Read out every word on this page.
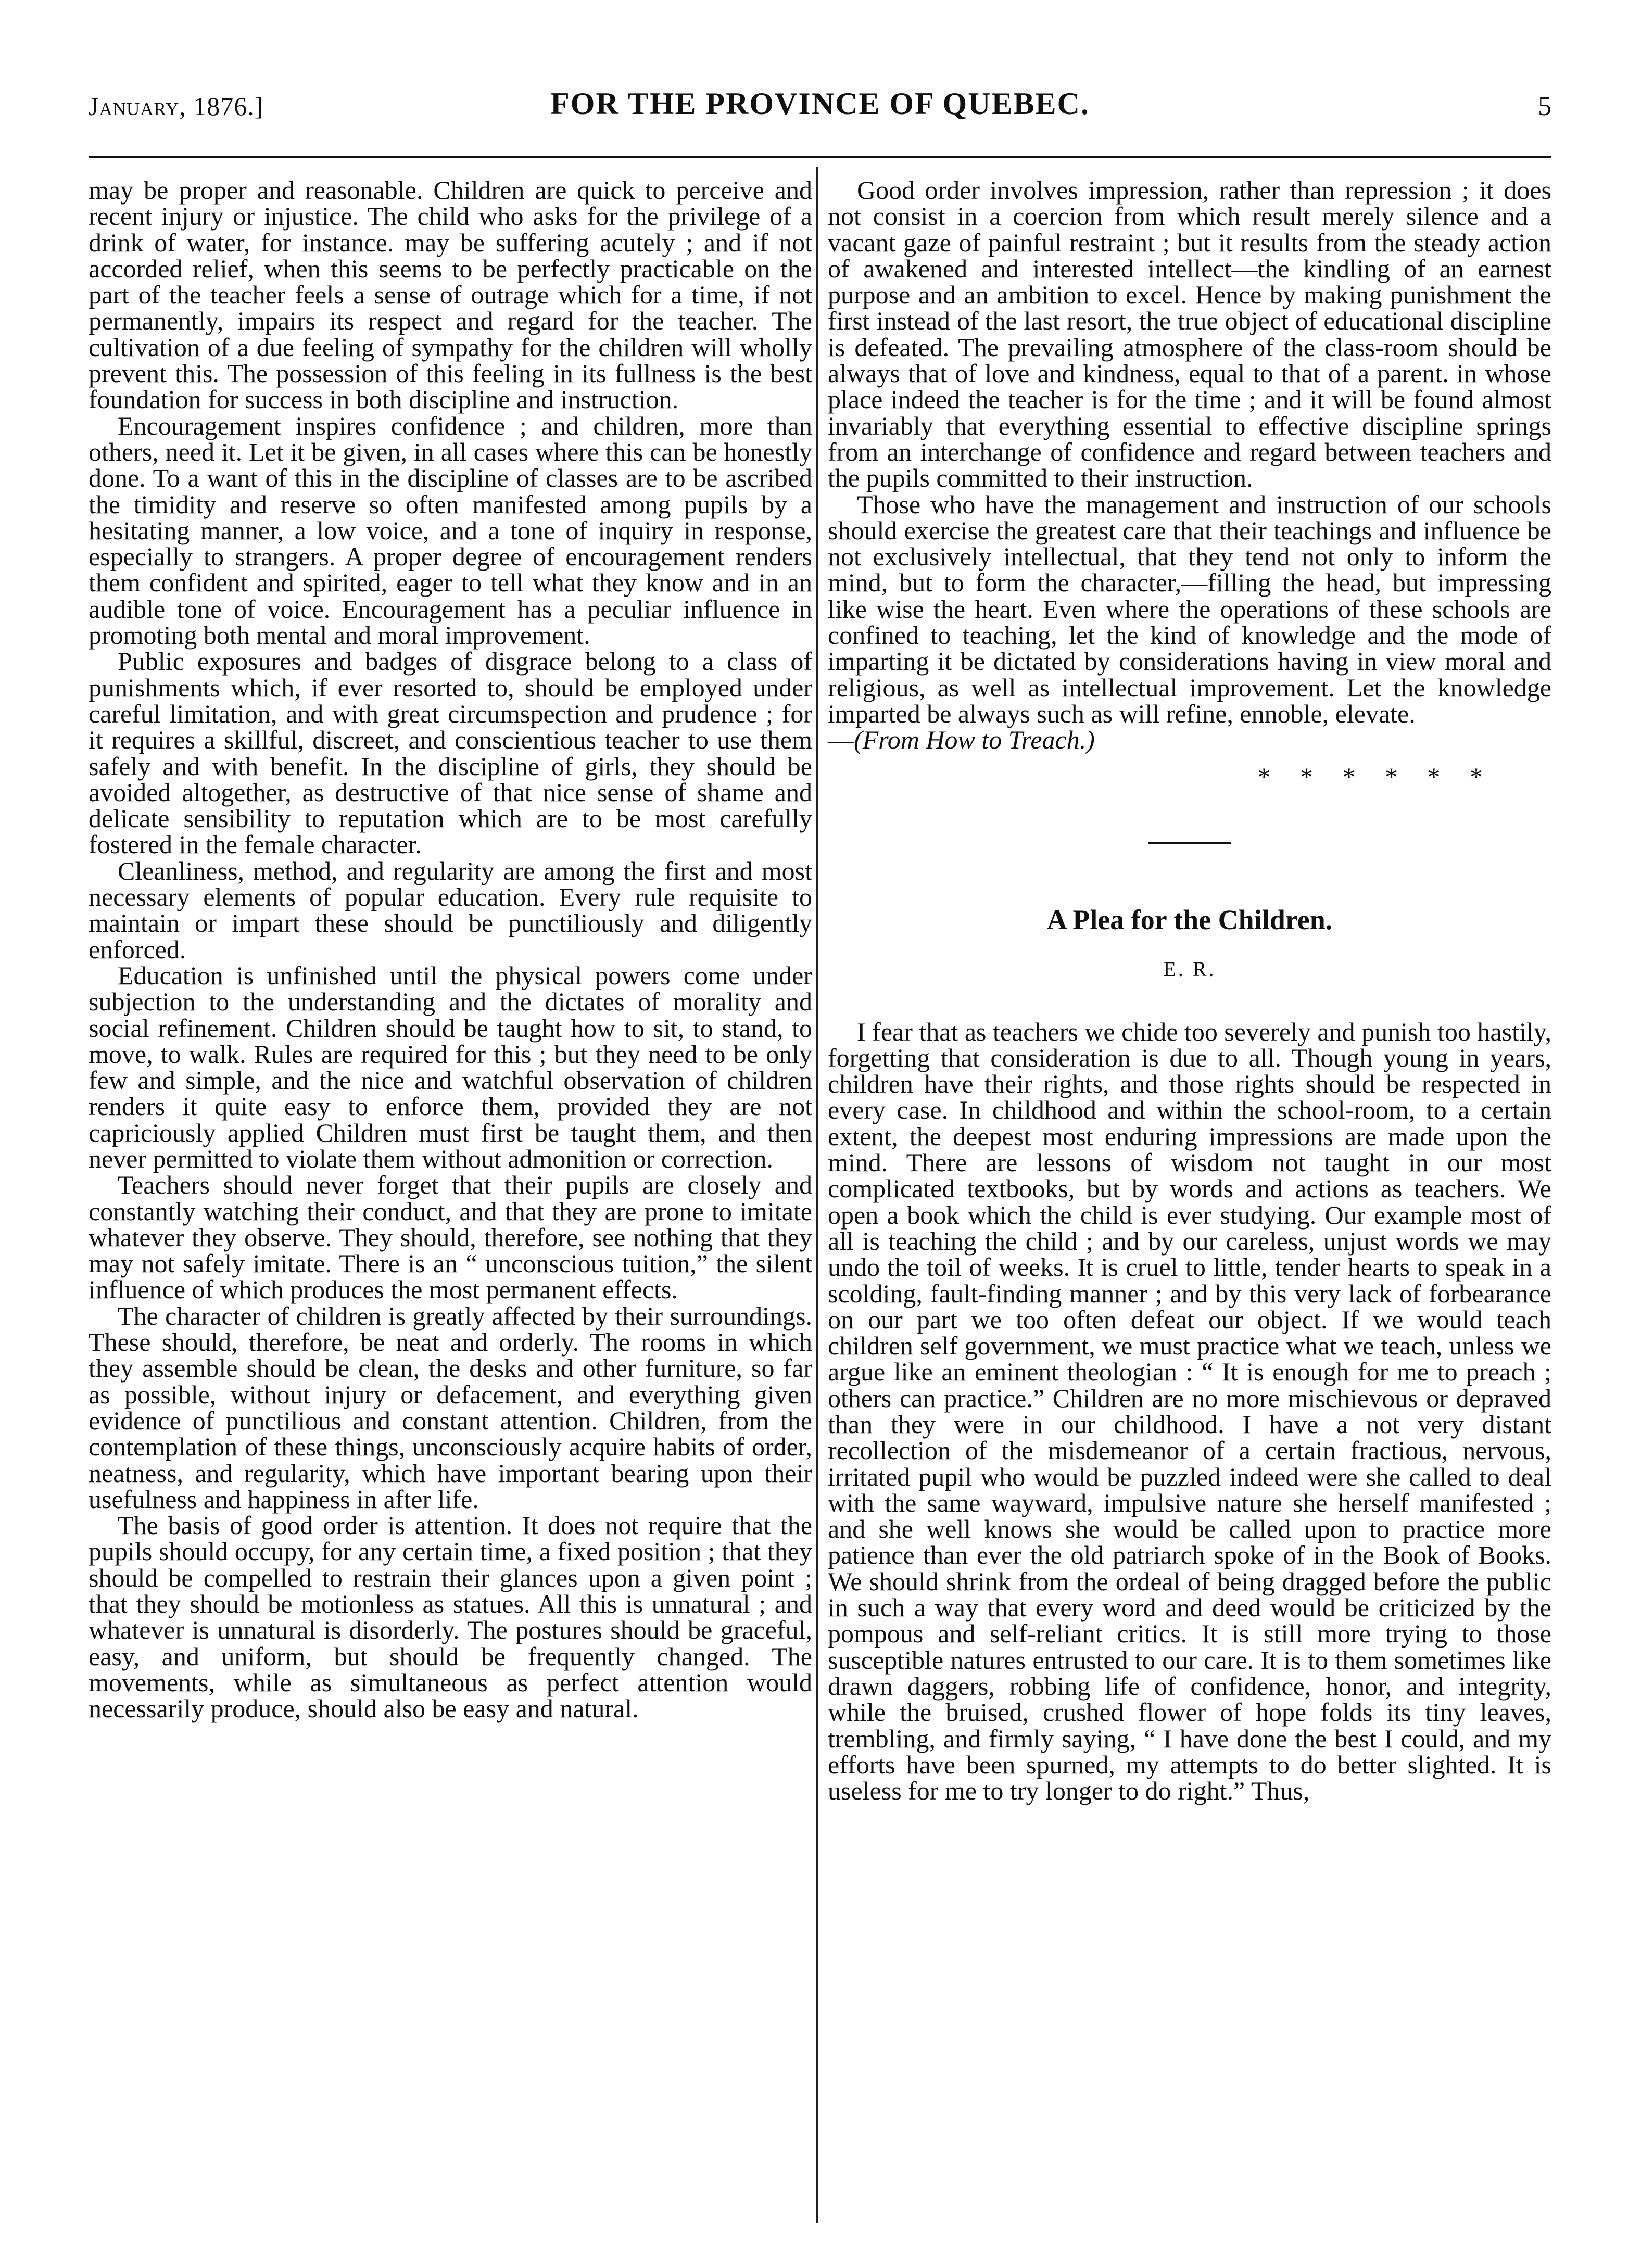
January, 1876.]	FOR THE PROVINCE OF QUEBEC.	5

may be proper and reasonable. Children are quick to perceive and recent injury or injustice. The child who asks for the privilege of a drink of water, for instance. may be suffering acutely ; and if not accorded relief, when this seems to be perfectly practicable on the part of the teacher feels a sense of outrage which for a time, if not permanently, impairs its respect and regard for the teacher. The cultivation of a due feeling of sympathy for the children will wholly prevent this. The possession of this feeling in its fullness is the best foundation for success in both discipline and instruction.

Encouragement inspires confidence ; and children, more than others, need it. Let it be given, in all cases where this can be honestly done. To a want of this in the discipline of classes are to be ascribed the timidity and reserve so often manifested among pupils by a hesitating manner, a low voice, and a tone of inquiry in response, especially to strangers. A proper degree of encouragement renders them confident and spirited, eager to tell what they know and in an audible tone of voice. Encouragement has a peculiar influence in promoting both mental and moral improvement.

Public exposures and badges of disgrace belong to a class of punishments which, if ever resorted to, should be employed under careful limitation, and with great circumspection and prudence ; for it requires a skillful, discreet, and conscientious teacher to use them safely and with benefit. In the discipline of girls, they should be avoided altogether, as destructive of that nice sense of shame and delicate sensibility to reputation which are to be most carefully fostered in the female character.

Cleanliness, method, and regularity are among the first and most necessary elements of popular education. Every rule requisite to maintain or impart these should be punctiliously and diligently enforced.

Education is unfinished until the physical powers come under subjection to the understanding and the dictates of morality and social refinement. Children should be taught how to sit, to stand, to move, to walk. Rules are required for this ; but they need to be only few and simple, and the nice and watchful observation of children renders it quite easy to enforce them, provided they are not capriciously applied Children must first be taught them, and then never permitted to violate them without admonition or correction.

Teachers should never forget that their pupils are closely and constantly watching their conduct, and that they are prone to imitate whatever they observe. They should, therefore, see nothing that they may not safely imitate. There is an “ unconscious tuition,” the silent influence of which produces the most permanent effects.

The character of children is greatly affected by their surroundings. These should, therefore, be neat and orderly. The rooms in which they assemble should be clean, the desks and other furniture, so far as possible, without injury or defacement, and everything given evidence of punctilious and constant attention. Children, from the contemplation of these things, unconsciously acquire habits of order, neatness, and regularity, which have important bearing upon their usefulness and happiness in after life.

The basis of good order is attention. It does not require that the pupils should occupy, for any certain time, a fixed position ; that they should be compelled to restrain their glances upon a given point ; that they should be motionless as statues. All this is unnatural ; and whatever is unnatural is disorderly. The postures should be graceful, easy, and uniform, but should be frequently changed. The movements, while as simultaneous as perfect attention would necessarily produce, should also be easy and natural.

Good order involves impression, rather than repression ; it does not consist in a coercion from which result merely silence and a vacant gaze of painful restraint ; but it results from the steady action of awakened and interested intellect—the kindling of an earnest purpose and an ambition to excel. Hence by making punishment the first instead of the last resort, the true object of educational discipline is defeated. The prevailing atmosphere of the class-room should be always that of love and kindness, equal to that of a parent. in whose place indeed the teacher is for the time ; and it will be found almost invariably that everything essential to effective discipline springs from an interchange of confidence and regard between teachers and the pupils committed to their instruction.

Those who have the management and instruction of our schools should exercise the greatest care that their teachings and influence be not exclusively intellectual, that they tend not only to inform the mind, but to form the character,—filling the head, but impressing like wise the heart. Even where the operations of these schools are confined to teaching, let the kind of knowledge and the mode of imparting it be dictated by considerations having in view moral and religious, as well as intellectual improvement. Let the knowledge imparted be always such as will refine, ennoble, elevate.

—(From How to Treach.)

* * * * * *
A Plea for the Children.
E. R.

I fear that as teachers we chide too severely and punish too hastily, forgetting that consideration is due to all. Though young in years, children have their rights, and those rights should be respected in every case. In childhood and within the school-room, to a certain extent, the deepest most enduring impressions are made upon the mind. There are lessons of wisdom not taught in our most complicated textbooks, but by words and actions as teachers. We open a book which the child is ever studying. Our example most of all is teaching the child ; and by our careless, unjust words we may undo the toil of weeks. It is cruel to little, tender hearts to speak in a scolding, fault-finding manner ; and by this very lack of forbearance on our part we too often defeat our object. If we would teach children self government, we must practice what we teach, unless we argue like an eminent theologian : “ It is enough for me to preach ; others can practice.” Children are no more mischievous or depraved than they were in our childhood. I have a not very distant recollection of the misdemeanor of a certain fractious, nervous, irritated pupil who would be puzzled indeed were she called to deal with the same wayward, impulsive nature she herself manifested ; and she well knows she would be called upon to practice more patience than ever the old patriarch spoke of in the Book of Books. We should shrink from the ordeal of being dragged before the public in such a way that every word and deed would be criticized by the pompous and self-reliant critics. It is still more trying to those susceptible natures entrusted to our care. It is to them sometimes like drawn daggers, robbing life of confidence, honor, and integrity, while the bruised, crushed flower of hope folds its tiny leaves, trembling, and firmly saying, “ I have done the best I could, and my efforts have been spurned, my attempts to do better slighted. It is useless for me to try longer to do right.” Thus,
